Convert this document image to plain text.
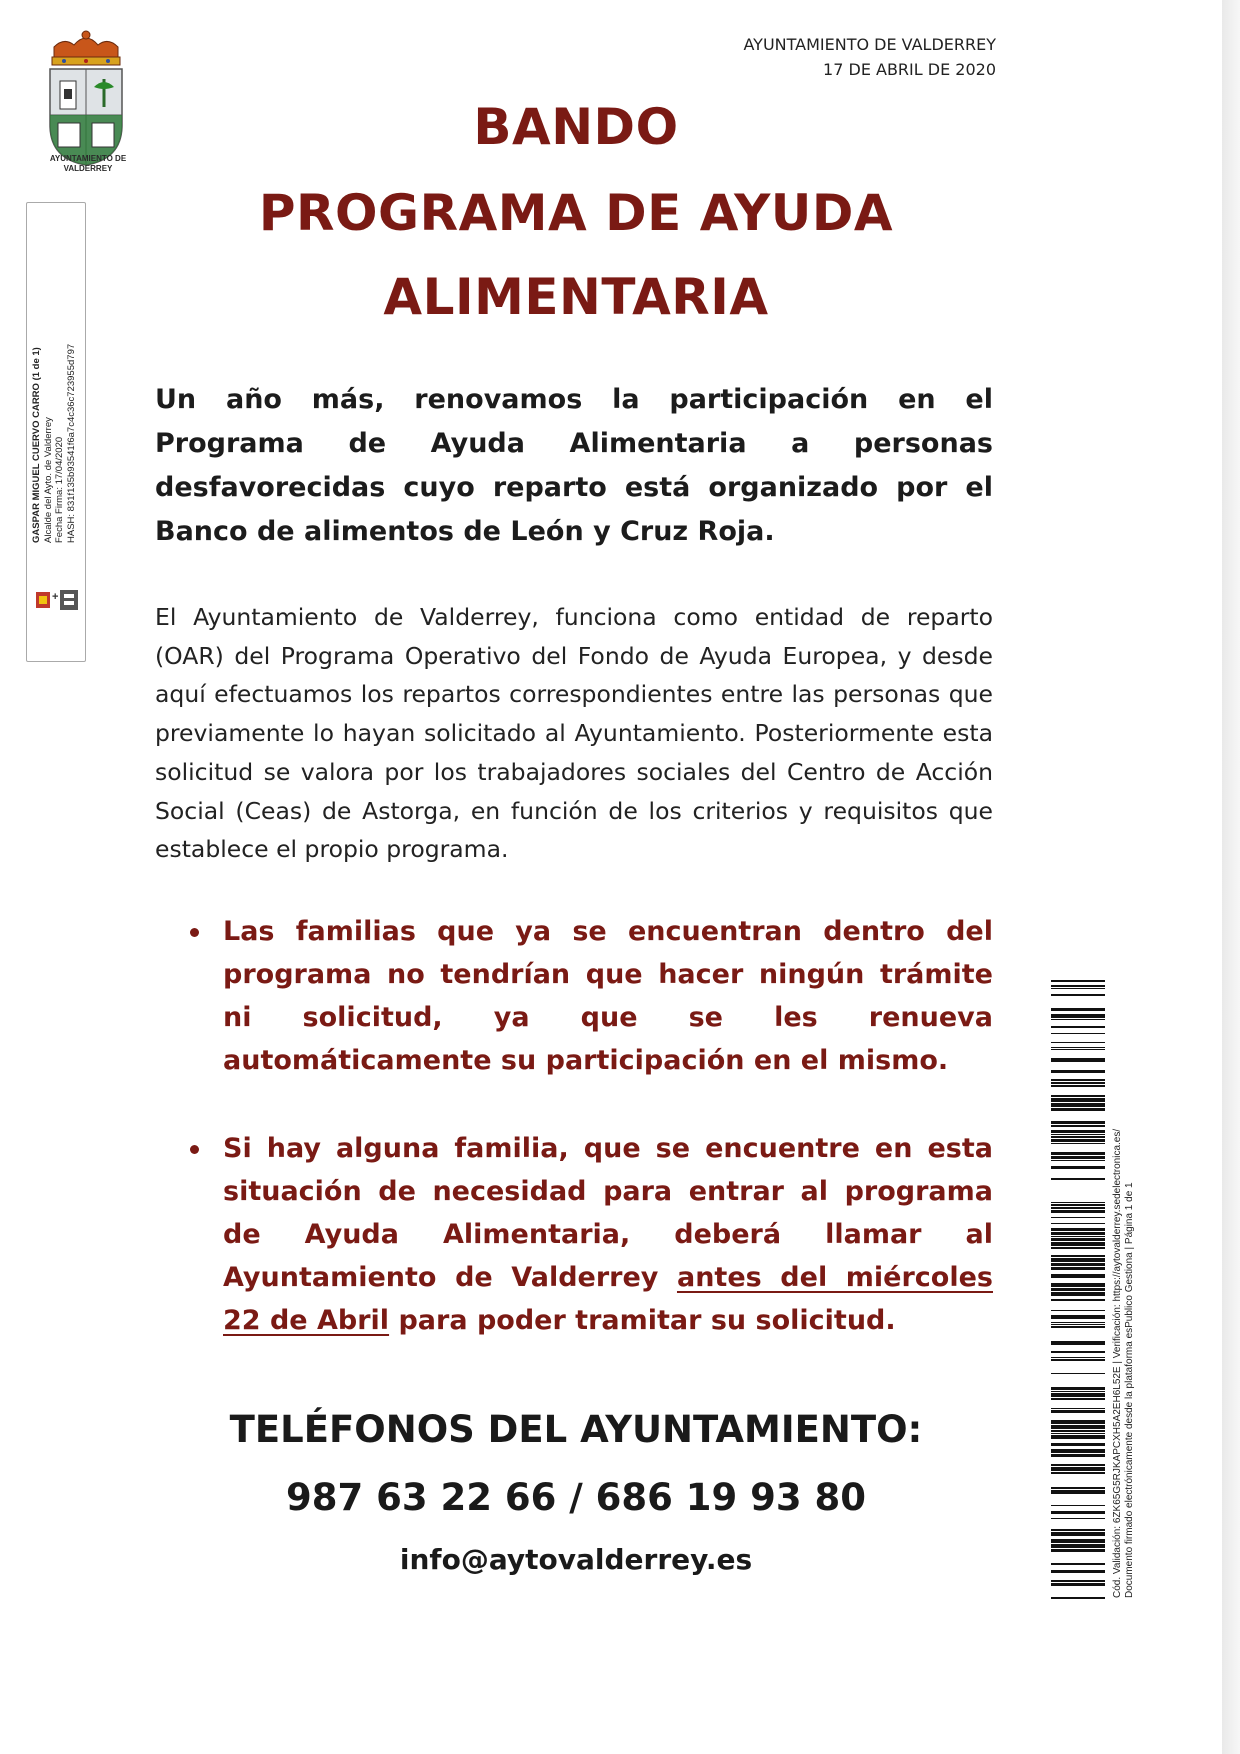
AYUNTAMIENTO DE
VALDERREY
AYUNTAMIENTO DE VALDERREY
17 DE ABRIL DE 2020
BANDO
PROGRAMA DE AYUDA
ALIMENTARIA
GASPAR MIGUEL CUERVO CARRO (1 de 1) Alcalde del Ayto. de Valderrey Fecha Firma: 17/04/2020 HASH: 831f135b93541f6a7c4c36c723955d797
+

Un año más, renovamos la participación en el Programa de Ayuda Alimentaria a personas desfavorecidas cuyo reparto está organizado por el Banco de alimentos de León y Cruz Roja.

El Ayuntamiento de Valderrey, funciona como entidad de reparto (OAR) del Programa Operativo del Fondo de Ayuda Europea, y desde aquí efectuamos los repartos correspondientes entre las personas que previamente lo hayan solicitado al Ayuntamiento. Posteriormente esta solicitud se valora por los trabajadores sociales del Centro de Acción Social (Ceas) de Astorga, en función de los criterios y requisitos que establece el propio programa.

Las familias que ya se encuentran dentro del programa no tendrían que hacer ningún trámite ni solicitud, ya que se les renueva automáticamente su participación en el mismo.

Si hay alguna familia, que se encuentre en esta situación de necesidad para entrar al programa de Ayuda Alimentaria, deberá llamar al Ayuntamiento de Valderrey antes del miércoles 22 de Abril para poder tramitar su solicitud.

TELÉFONOS DEL AYUNTAMIENTO:
987 63 22 66 / 686 19 93 80
info@aytovalderrey.es	Cód. Validación: 6ZK65G5RJKAPCXH5A2EH6L52E | Verificación: https://aytovalderrey.sedelectronica.es/ Documento firmado electrónicamente desde la plataforma esPublico Gestiona | Página 1 de 1
